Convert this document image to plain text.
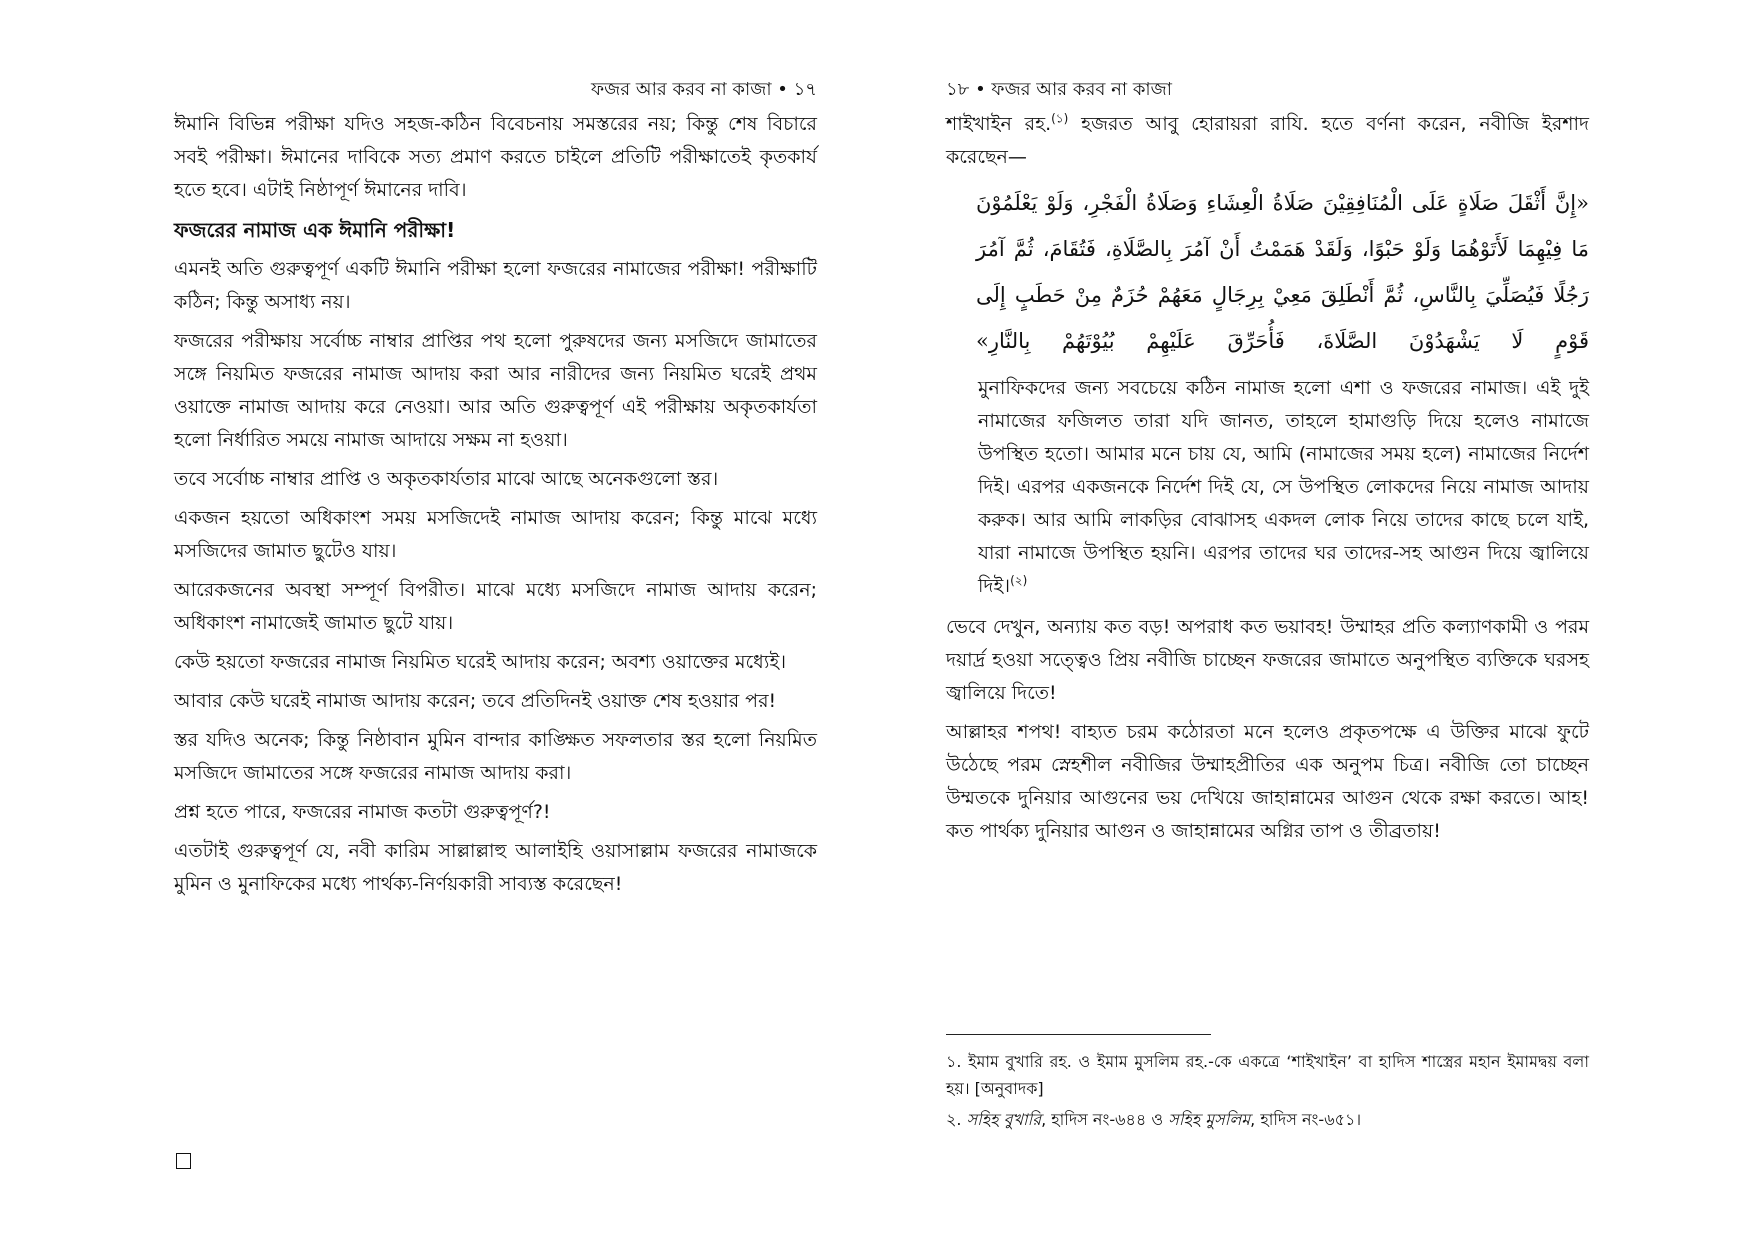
ফজর আর করব না কাজা • ১৭

ঈমানি বিভিন্ন পরীক্ষা যদিও সহজ-কঠিন বিবেচনায় সমস্তরের নয়; কিন্তু শেষ বিচারে সবই পরীক্ষা। ঈমানের দাবিকে সত্য প্রমাণ করতে চাইলে প্রতিটি পরীক্ষাতেই কৃতকার্য হতে হবে। এটাই নিষ্ঠাপূর্ণ ঈমানের দাবি।

ফজরের নামাজ এক ঈমানি পরীক্ষা!

এমনই অতি গুরুত্বপূর্ণ একটি ঈমানি পরীক্ষা হলো ফজরের নামাজের পরীক্ষা! পরীক্ষাটি কঠিন; কিন্তু অসাধ্য নয়।

ফজরের পরীক্ষায় সর্বোচ্চ নাম্বার প্রাপ্তির পথ হলো পুরুষদের জন্য মসজিদে জামাতের সঙ্গে নিয়মিত ফজরের নামাজ আদায় করা আর নারীদের জন্য নিয়মিত ঘরেই প্রথম ওয়াক্তে নামাজ আদায় করে নেওয়া। আর অতি গুরুত্বপূর্ণ এই পরীক্ষায় অকৃতকার্যতা হলো নির্ধারিত সময়ে নামাজ আদায়ে সক্ষম না হওয়া।

তবে সর্বোচ্চ নাম্বার প্রাপ্তি ও অকৃতকার্যতার মাঝে আছে অনেকগুলো স্তর।

একজন হয়তো অধিকাংশ সময় মসজিদেই নামাজ আদায় করেন; কিন্তু মাঝে মধ্যে মসজিদের জামাত ছুটেও যায়।

আরেকজনের অবস্থা সম্পূর্ণ বিপরীত। মাঝে মধ্যে মসজিদে নামাজ আদায় করেন; অধিকাংশ নামাজেই জামাত ছুটে যায়।

কেউ হয়তো ফজরের নামাজ নিয়মিত ঘরেই আদায় করেন; অবশ্য ওয়াক্তের মধ্যেই।

আবার কেউ ঘরেই নামাজ আদায় করেন; তবে প্রতিদিনই ওয়াক্ত শেষ হওয়ার পর!

স্তর যদিও অনেক; কিন্তু নিষ্ঠাবান মুমিন বান্দার কাঙ্ক্ষিত সফলতার স্তর হলো নিয়মিত মসজিদে জামাতের সঙ্গে ফজরের নামাজ আদায় করা।

প্রশ্ন হতে পারে, ফজরের নামাজ কতটা গুরুত্বপূর্ণ?!

এতটাই গুরুত্বপূর্ণ যে, নবী কারিম সাল্লাল্লাহু আলাইহি ওয়াসাল্লাম ফজরের নামাজকে মুমিন ও মুনাফিকের মধ্যে পার্থক্য-নির্ণয়কারী সাব্যস্ত করেছেন!

১৮ • ফজর আর করব না কাজা

শাইখাইন রহ.$^{(১)}$ হজরত আবু হোরায়রা রাযি. হতে বর্ণনা করেন, নবীজি ইরশাদ করেছেন—

«إِنَّ أَثْقَلَ صَلَاةٍ عَلَى الْمُنَافِقِيْنَ صَلَاةُ الْعِشَاءِ وَصَلَاةُ الْفَجْرِ، وَلَوْ يَعْلَمُوْنَ مَا فِيْهِمَا لَأَتَوْهُمَا وَلَوْ حَبْوًا، وَلَقَدْ هَمَمْتُ أَنْ آمُرَ بِالصَّلَاةِ، فَتُقَامَ، ثُمَّ آمُرَ رَجُلًا فَيُصَلِّيَ بِالنَّاسِ، ثُمَّ أَنْطَلِقَ مَعِيْ بِرِجَالٍ مَعَهُمْ حُزَمٌ مِنْ حَطَبٍ إِلَى قَوْمٍ لَا يَشْهَدُوْنَ الصَّلَاةَ، فَأُحَرِّقَ عَلَيْهِمْ بُيُوْتَهُمْ بِالنَّارِ»

মুনাফিকদের জন্য সবচেয়ে কঠিন নামাজ হলো এশা ও ফজরের নামাজ। এই দুই নামাজের ফজিলত তারা যদি জানত, তাহলে হামাগুড়ি দিয়ে হলেও নামাজে উপস্থিত হতো। আমার মনে চায় যে, আমি (নামাজের সময় হলে) নামাজের নির্দেশ দিই। এরপর একজনকে নির্দেশ দিই যে, সে উপস্থিত লোকদের নিয়ে নামাজ আদায় করুক। আর আমি লাকড়ির বোঝাসহ একদল লোক নিয়ে তাদের কাছে চলে যাই, যারা নামাজে উপস্থিত হয়নি। এরপর তাদের ঘর তাদের-সহ আগুন দিয়ে জ্বালিয়ে দিই।$^{(২)}$

ভেবে দেখুন, অন্যায় কত বড়! অপরাধ কত ভয়াবহ! উম্মাহর প্রতি কল্যাণকামী ও পরম দয়ার্দ্র হওয়া সত্ত্বেও প্রিয় নবীজি চাচ্ছেন ফজরের জামাতে অনুপস্থিত ব্যক্তিকে ঘরসহ জ্বালিয়ে দিতে!

আল্লাহর শপথ! বাহ্যত চরম কঠোরতা মনে হলেও প্রকৃতপক্ষে এ উক্তির মাঝে ফুটে উঠেছে পরম স্নেহশীল নবীজির উম্মাহপ্রীতির এক অনুপম চিত্র। নবীজি তো চাচ্ছেন উম্মতকে দুনিয়ার আগুনের ভয় দেখিয়ে জাহান্নামের আগুন থেকে রক্ষা করতে। আহ! কত পার্থক্য দুনিয়ার আগুন ও জাহান্নামের অগ্নির তাপ ও তীব্রতায়!

১. ইমাম বুখারি রহ. ও ইমাম মুসলিম রহ.-কে একত্রে ‘শাইখাইন’ বা হাদিস শাস্ত্রের মহান ইমামদ্বয় বলা হয়। [অনুবাদক]

২. সহিহ বুখারি, হাদিস নং-৬৪৪ ও সহিহ মুসলিম, হাদিস নং-৬৫১।
